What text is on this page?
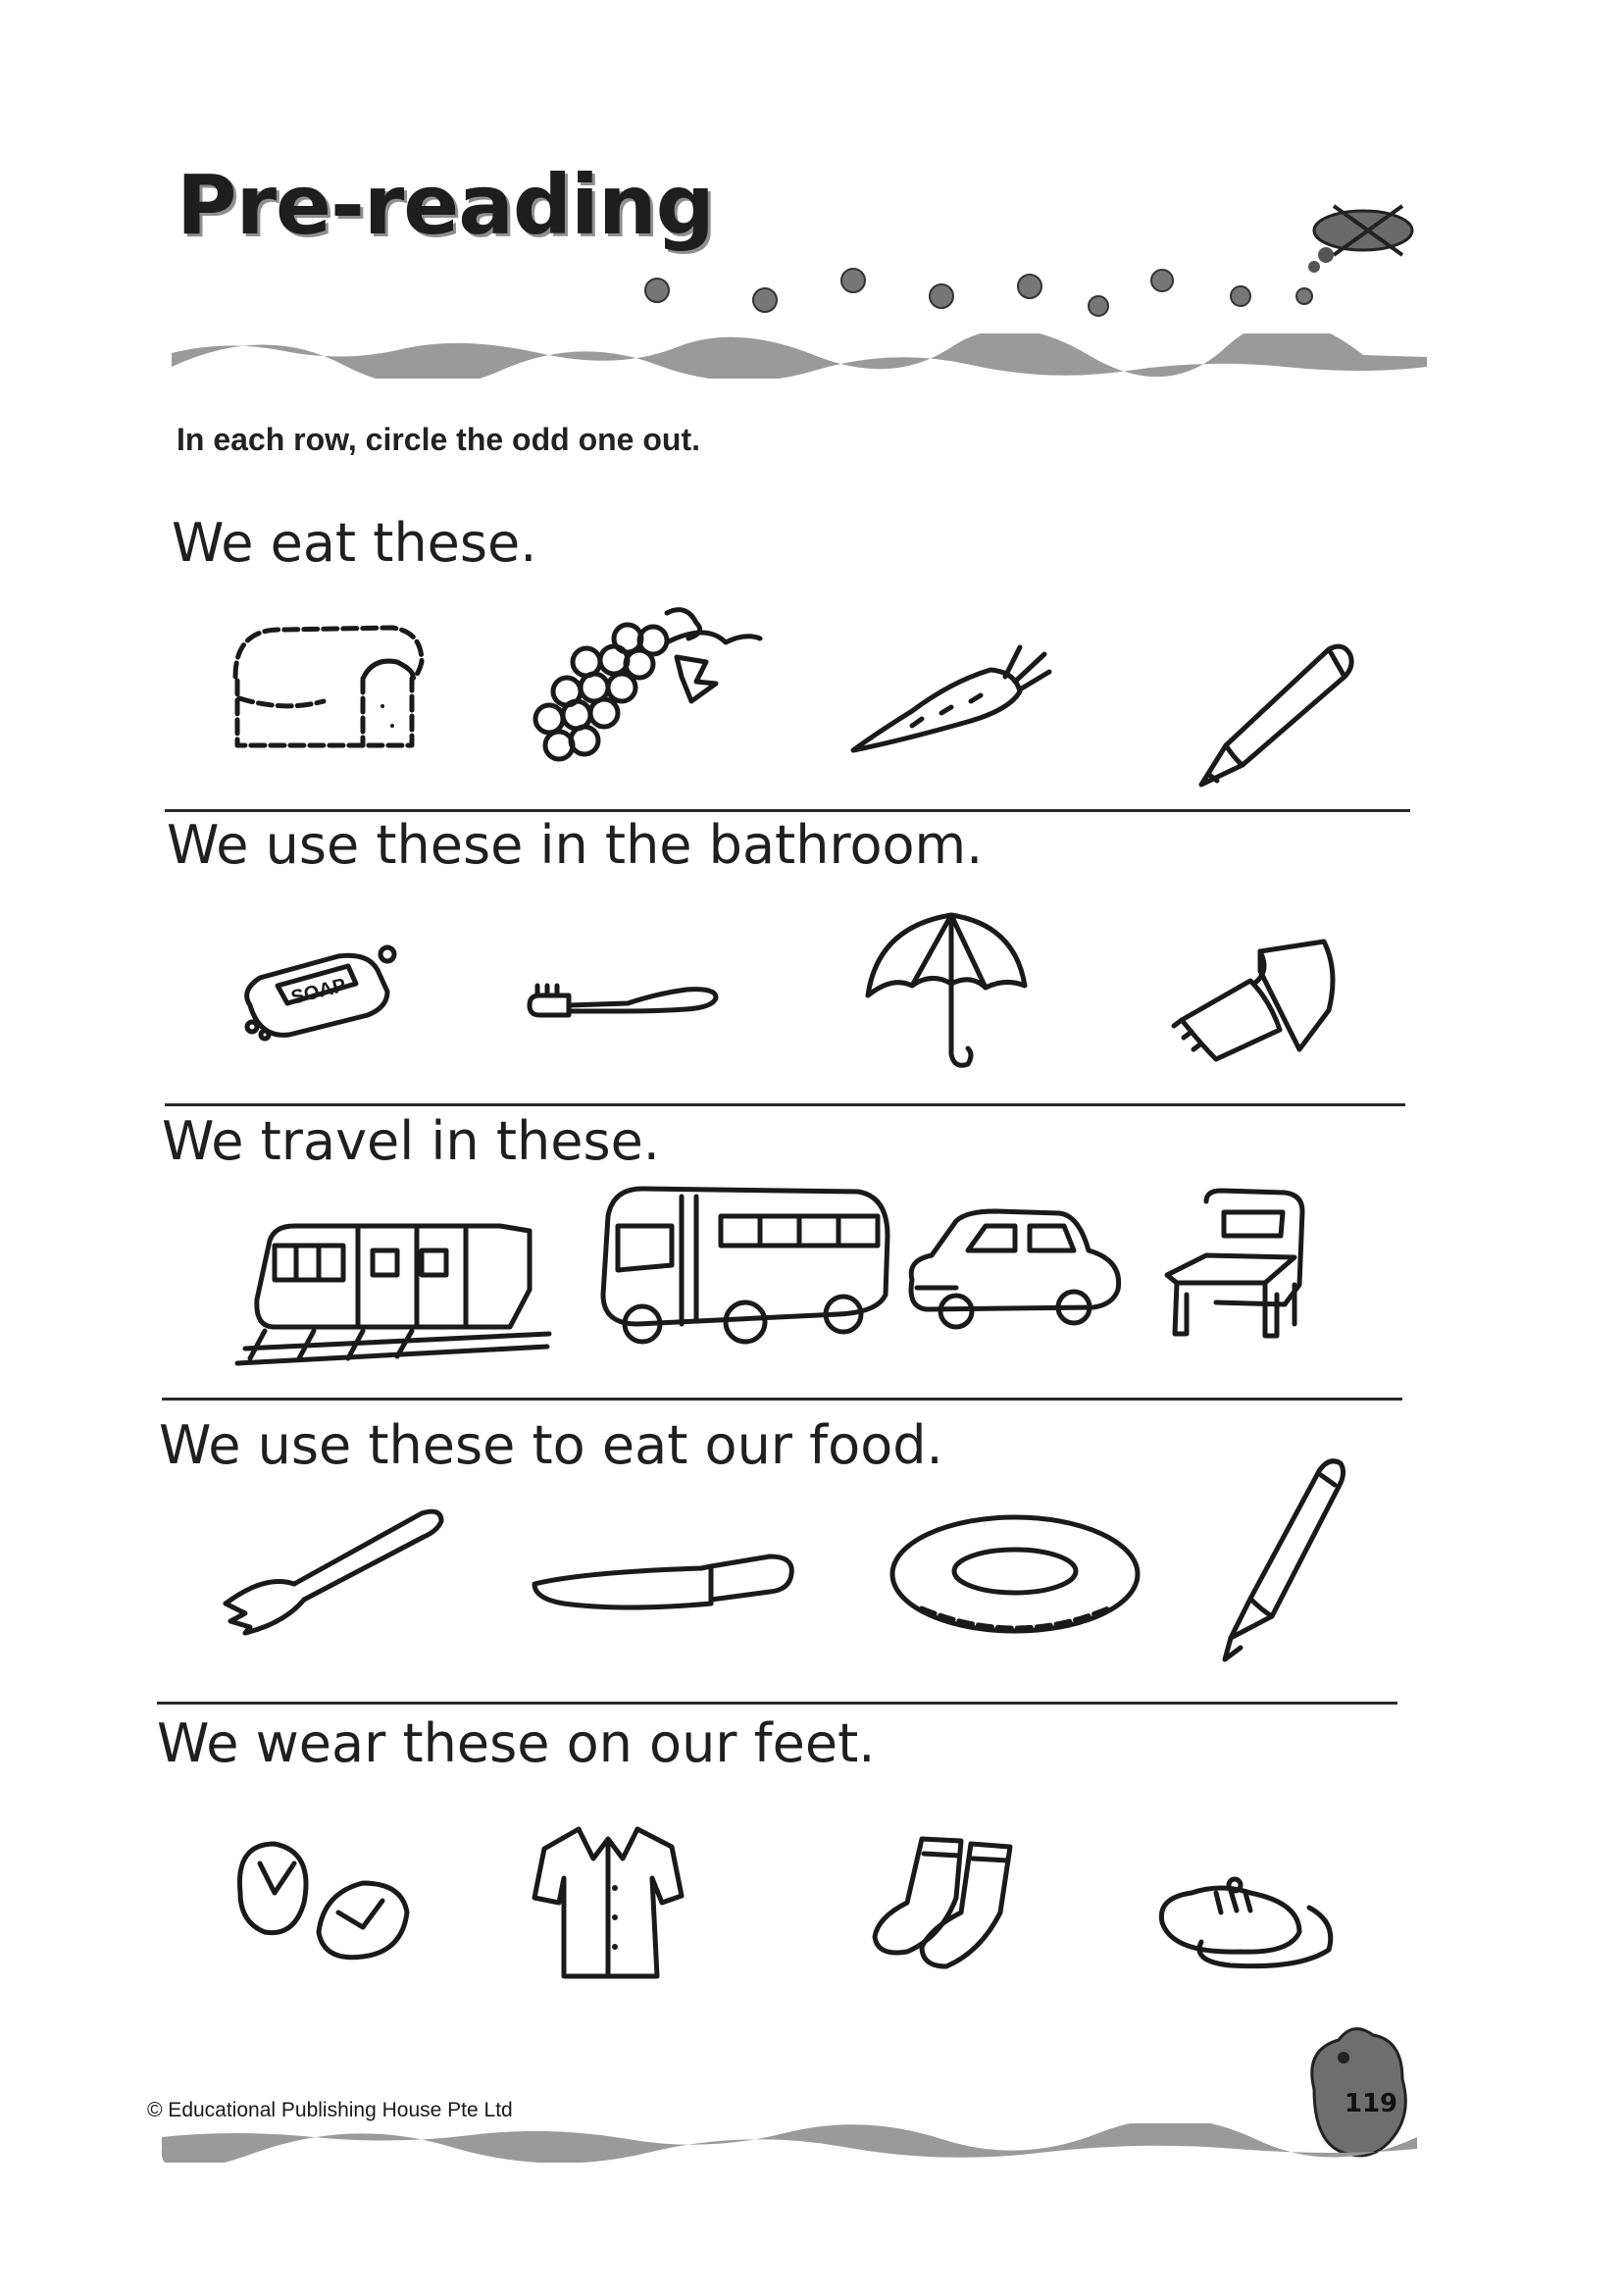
Pre-reading
In each row, circle the odd one out.
We eat these.
We use these in the bathroom.
SOAP
We travel in these.
We use these to eat our food.
We wear these on our feet.
© Educational Publishing House Pte Ltd	119
